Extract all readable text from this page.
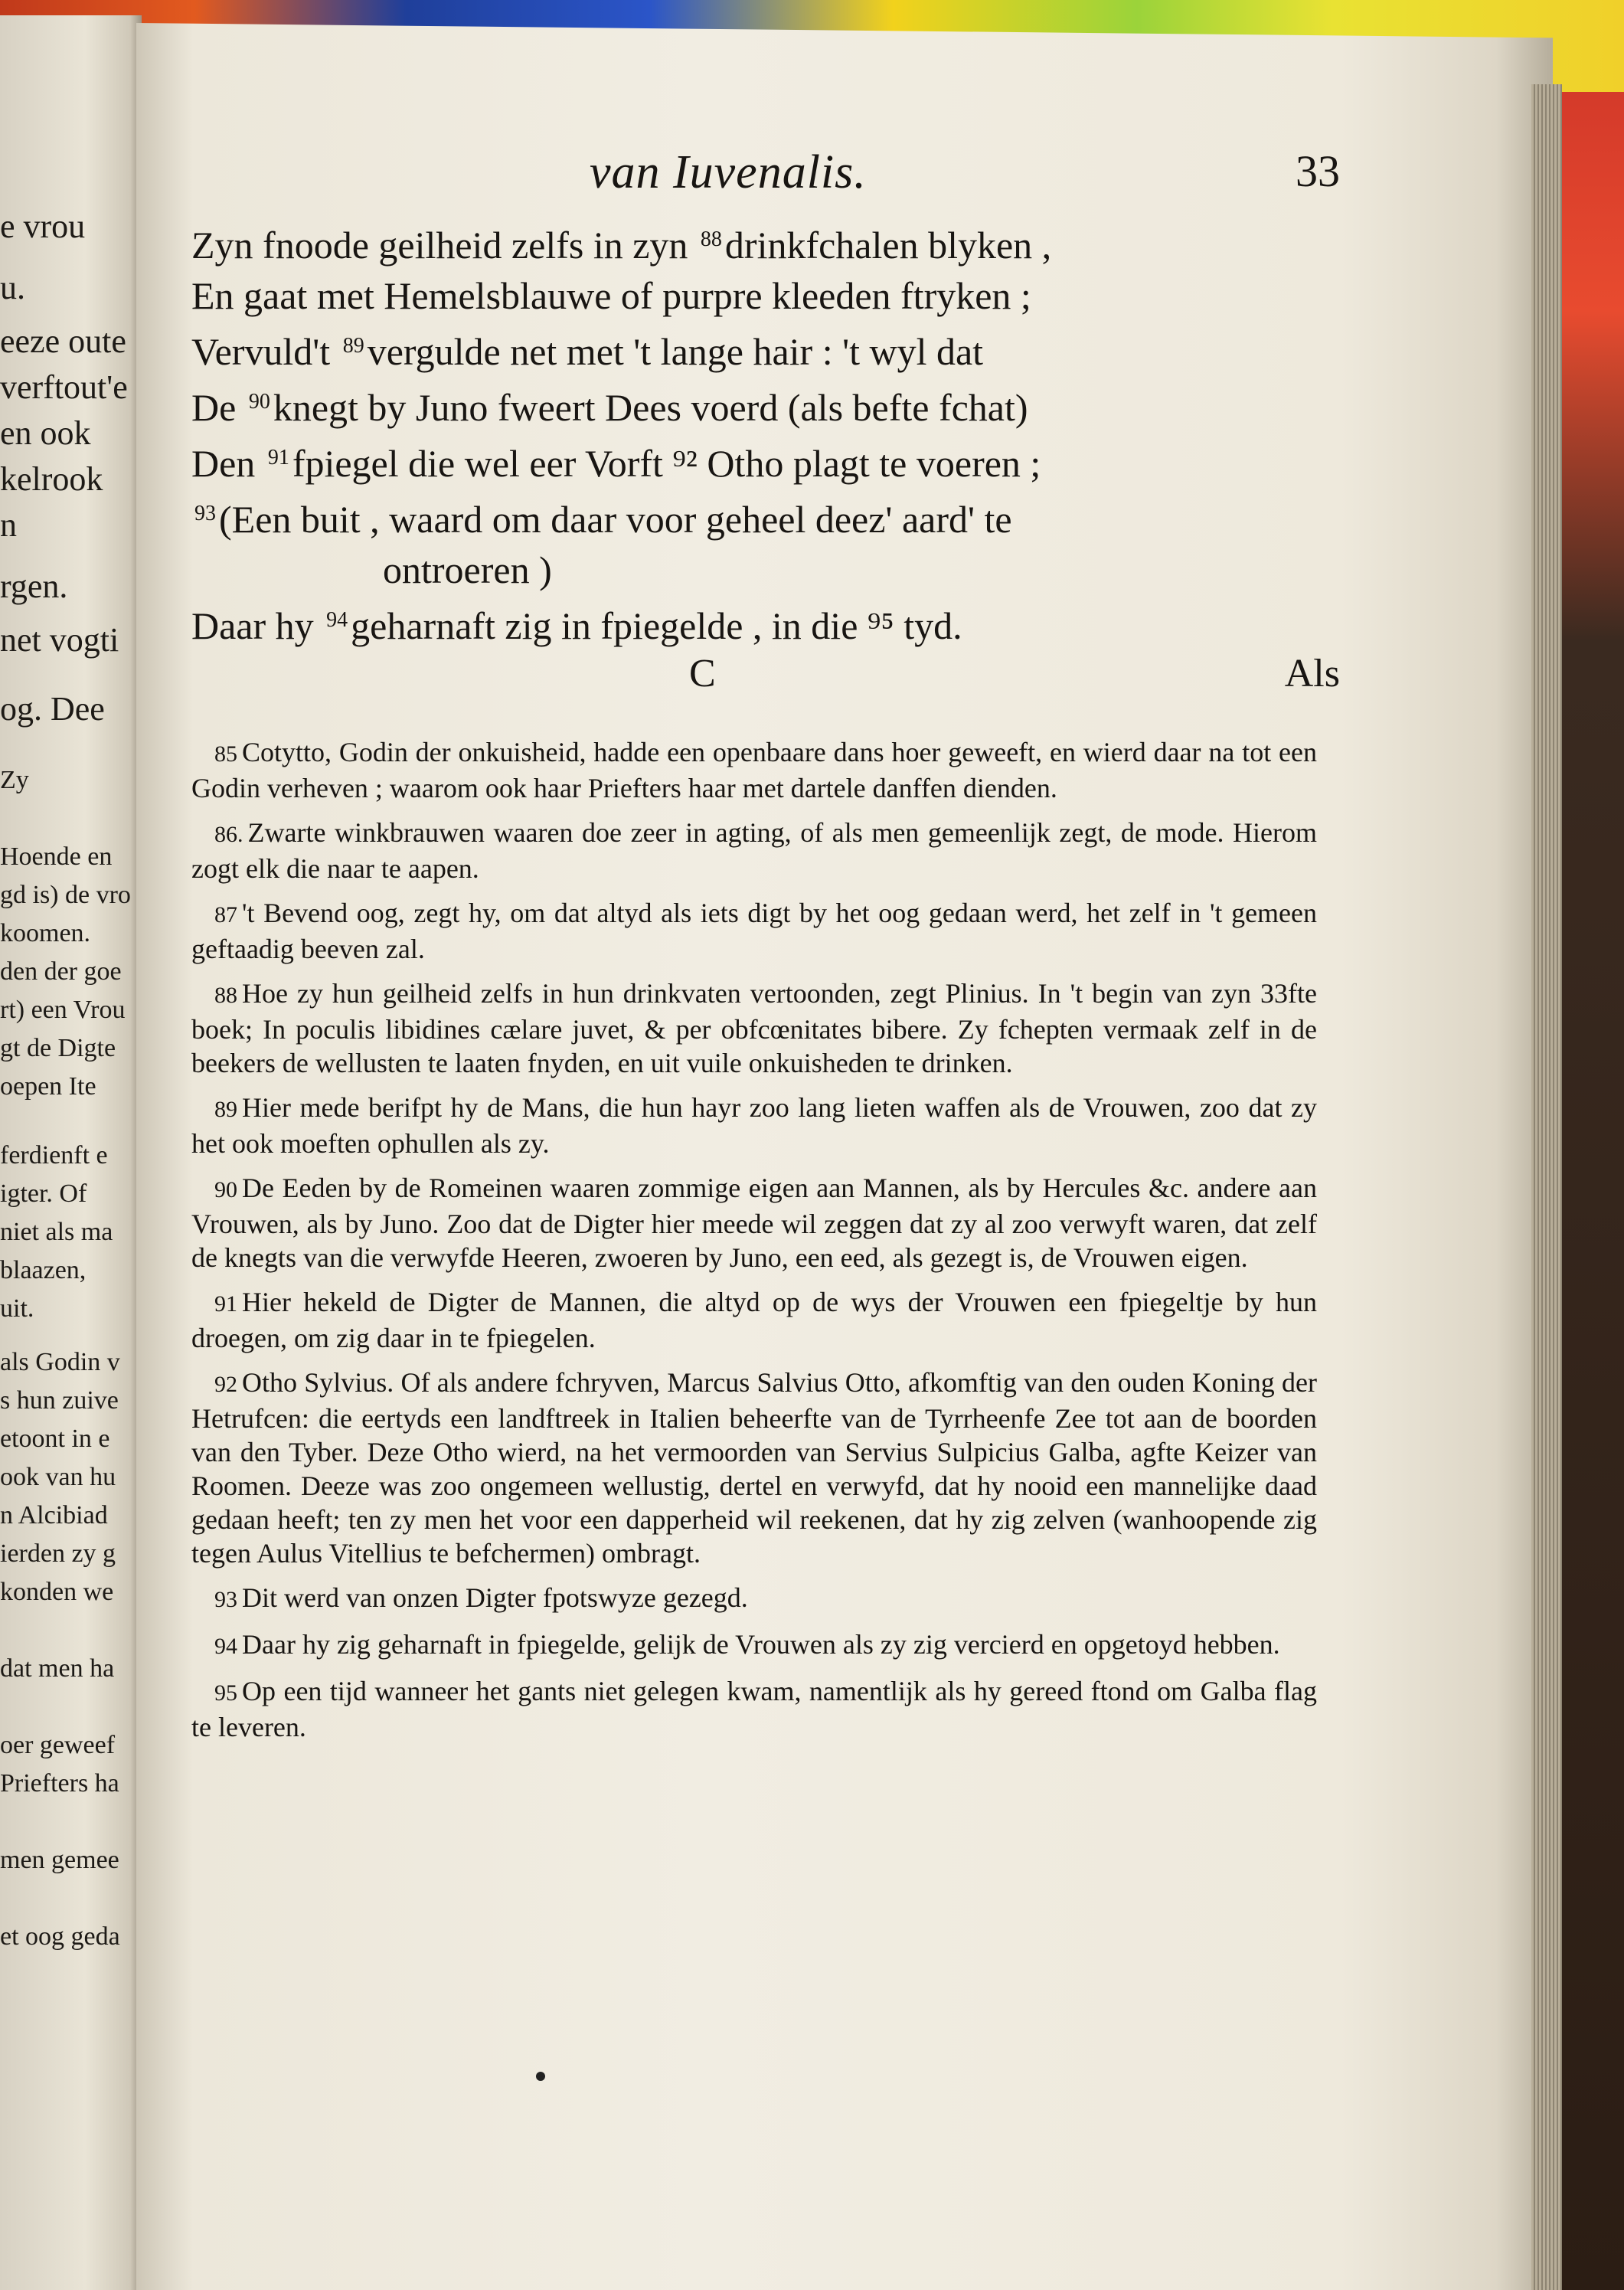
e vrou
u.
eeze oute
verftout'e
en ook
kelrook
n
rgen.
net vogti
og. Dee
Zy
Hoende en
gd is) de vro
koomen.
den der goe
rt) een Vrou
gt de Digte
oepen Ite
ferdienft e
igter. Of
niet als ma
blaazen,
uit.
als Godin v
s hun zuive
etoont in e
ook van hu
n Alcibiad
ierden zy g
konden we
dat men ha
oer geweef
Priefters ha
men gemee
et oog geda
van Iuvenalis.	33
Zyn fnoode geilheid zelfs in zyn $^{88}$drinkfchalen blyken ,
En gaat met Hemelsblauwe of purpre kleeden ftryken ;
Vervuld't $^{89}$vergulde net met 't lange hair : 't wyl dat
De $^{90}$knegt by Juno fweert Dees voerd (als befte fchat)
Den $^{91}$fpiegel die wel eer Vorft ⁹² Otho plagt te voeren ;
$^{93}$(Een buit , waard om daar voor geheel deez' aard' te
ontroeren )
Daar hy $^{94}$geharnaft zig in fpiegelde , in die ⁹⁵ tyd.
C	Als
85 Cotytto, Godin der onkuisheid, hadde een openbaare dans hoer geweeft, en wierd daar na tot een Godin verheven ; waarom ook haar Priefters haar met dartele danffen dienden.
86. Zwarte winkbrauwen waaren doe zeer in agting, of als men gemeenlijk zegt, de mode. Hierom zogt elk die naar te aapen.
87 't Bevend oog, zegt hy, om dat altyd als iets digt by het oog gedaan werd, het zelf in 't gemeen geftaadig beeven zal.
88 Hoe zy hun geilheid zelfs in hun drinkvaten vertoonden, zegt Plinius. In 't begin van zyn 33fte boek; In poculis libidines cælare juvet, & per obfcœnitates bibere. Zy fchepten vermaak zelf in de beekers de wellusten te laaten fnyden, en uit vuile onkuisheden te drinken.
89 Hier mede berifpt hy de Mans, die hun hayr zoo lang lieten waffen als de Vrouwen, zoo dat zy het ook moeften ophullen als zy.
90 De Eeden by de Romeinen waaren zommige eigen aan Mannen, als by Hercules &c. andere aan Vrouwen, als by Juno. Zoo dat de Digter hier meede wil zeggen dat zy al zoo verwyft waren, dat zelf de knegts van die verwyfde Heeren, zwoeren by Juno, een eed, als gezegt is, de Vrouwen eigen.
91 Hier hekeld de Digter de Mannen, die altyd op de wys der Vrouwen een fpiegeltje by hun droegen, om zig daar in te fpiegelen.
92 Otho Sylvius. Of als andere fchryven, Marcus Salvius Otto, afkomftig van den ouden Koning der Hetrufcen: die eertyds een landftreek in Italien beheerfte van de Tyrrheenfe Zee tot aan de boorden van den Tyber. Deze Otho wierd, na het vermoorden van Servius Sulpicius Galba, agfte Keizer van Roomen. Deeze was zoo ongemeen wellustig, dertel en verwyfd, dat hy nooid een mannelijke daad gedaan heeft; ten zy men het voor een dapperheid wil reekenen, dat hy zig zelven (wanhoopende zig tegen Aulus Vitellius te befchermen) ombragt.
93 Dit werd van onzen Digter fpotswyze gezegd.
94 Daar hy zig geharnaft in fpiegelde, gelijk de Vrouwen als zy zig vercierd en opgetoyd hebben.
95 Op een tijd wanneer het gants niet gelegen kwam, namentlijk als hy gereed ftond om Galba flag te leveren.
